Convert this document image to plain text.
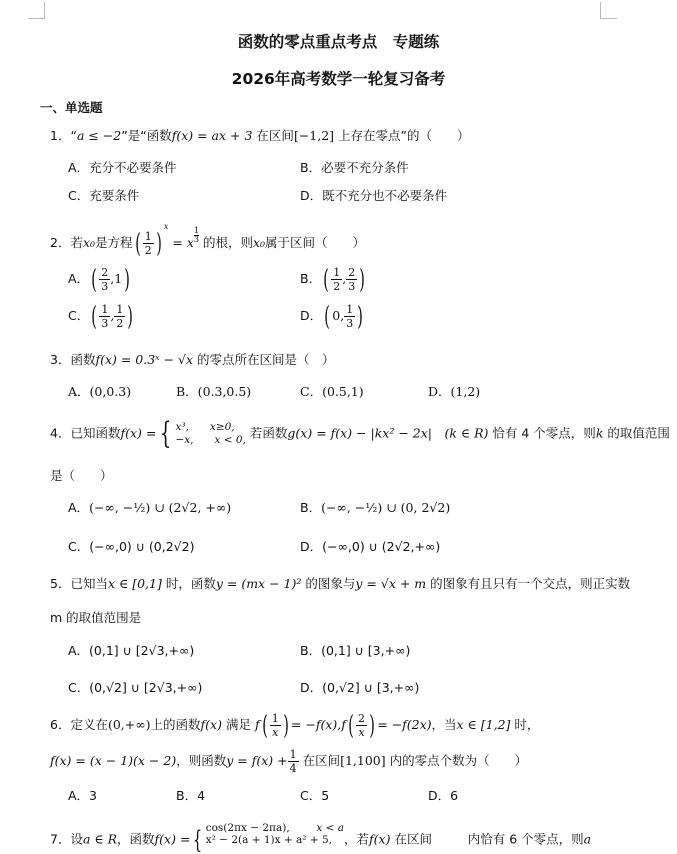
函数的零点重点考点　专题练
2026年高考数学一轮复习备考
一、单选题
1．“a ≤ −2”是“函数f(x) = ax + 3 在区间[−1,2] 上存在零点”的（　　）
A．充分不必要条件	B．必要不充分条件
C．充要条件	D．既不充分也不必要条件
2．若x₀是方程( $\frac{1}{2} )^x = x \frac{1}{3}$ 的根，则x₀属于区间（　　）
A．( $\frac{2}{3} ,1$)	B．( $\frac{1}{2}$ , $\frac{2}{3}$ )
C．( $\frac{1}{3}$ , $\frac{1}{2}$ )	D．( 0, $\frac{1}{3}$ )
3．函数f(x) = 0.3ˣ − √x 的零点所在区间是（　）
A．(0,0.3)	B．(0.3,0.5)	C．(0.5,1)	D．(1,2)
4．已知函数f(x) = { x³,　　x≥0,
−x,　　x < 0, 若函数g(x) = f(x) − |kx² − 2x|　(k ∈ R) 恰有 4 个零点，则k 的取值范围
是（　　）
A．(−∞, −½) ∪ (2√2, +∞)	B．(−∞, −½) ∪ (0, 2√2)
C．(−∞,0) ∪ (0,2√2)	D．(−∞,0) ∪ (2√2,+∞)
5．已知当x ∈ [0,1] 时，函数y = (mx − 1)² 的图象与y = √x + m 的图象有且只有一个交点，则正实数
m 的取值范围是
A．(0,1] ∪ [2√3,+∞)	B．(0,1] ∪ [3,+∞)
C．(0,√2] ∪ [2√3,+∞)	D．(0,√2] ∪ [3,+∞)
6．定义在(0,+∞)上的函数f(x) 满足 $f( \frac{1}{x}$ ) = $-f(x),f( \frac{2}{x}$ ) = −f(2x)，当x ∈ [1,2] 时，
f(x) = (x − 1)(x − 2)，则函数$y = f(x) + \frac{1}{4}$ 在区间[1,100] 内的零点个数为（　　）
A．3	B．4	C．5	D．6
7．设a ∈ R，函数f(x) = { cos(2πx − 2πa),	x < a
x² − 2(a + 1)x + a² + 5, ，若f(x) 在区间	内恰有 6 个零点，则a
